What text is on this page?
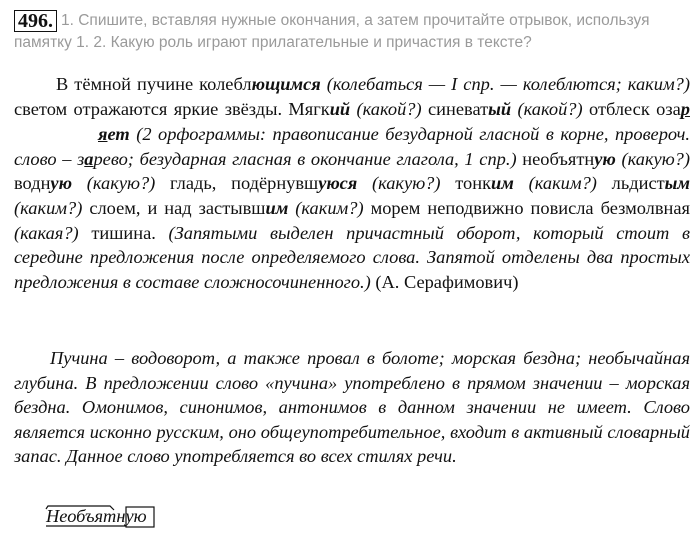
496. 1. Спишите, вставляя нужные окончания, а затем прочитайте отрывок, используя памятку 1. 2. Какую роль играют прилагательные и причастия в тексте?

В тёмной пучине колеблющимся (колебаться — I спр. — колеблются; каким?) светом отражаются яркие звёзды. Мягкий (какой?) синеватый (какой?) отблеск озаряет (2 орфограммы: правописание безударной гласной в корне, провероч. слово – зарево; безударная гласная в окончание глагола, 1 спр.) необъятную (какую?) водную (какую?) гладь, подёрнувшуюся (какую?) тонким (каким?) льдистым (каким?) слоем, и над застывшим (каким?) морем неподвижно повисла безмолвная (какая?) тишина. (Запятыми выделен причастный оборот, который стоит в середине предложения после определяемого слова. Запятой отделены два простых предложения в составе сложносочиненного.) (А. Серафимович)

Пучина – водоворот, а также провал в болоте; морская бездна; необычайная глубина. В предложении слово «пучина» употреблено в прямом значении – морская бездна. Омонимов, синонимов, антонимов в данном значении не имеет. Слово является исконно русским, оно общеупотребительное, входит в активный словарный запас. Данное слово употребляется во всех стилях речи.

Необъятную
